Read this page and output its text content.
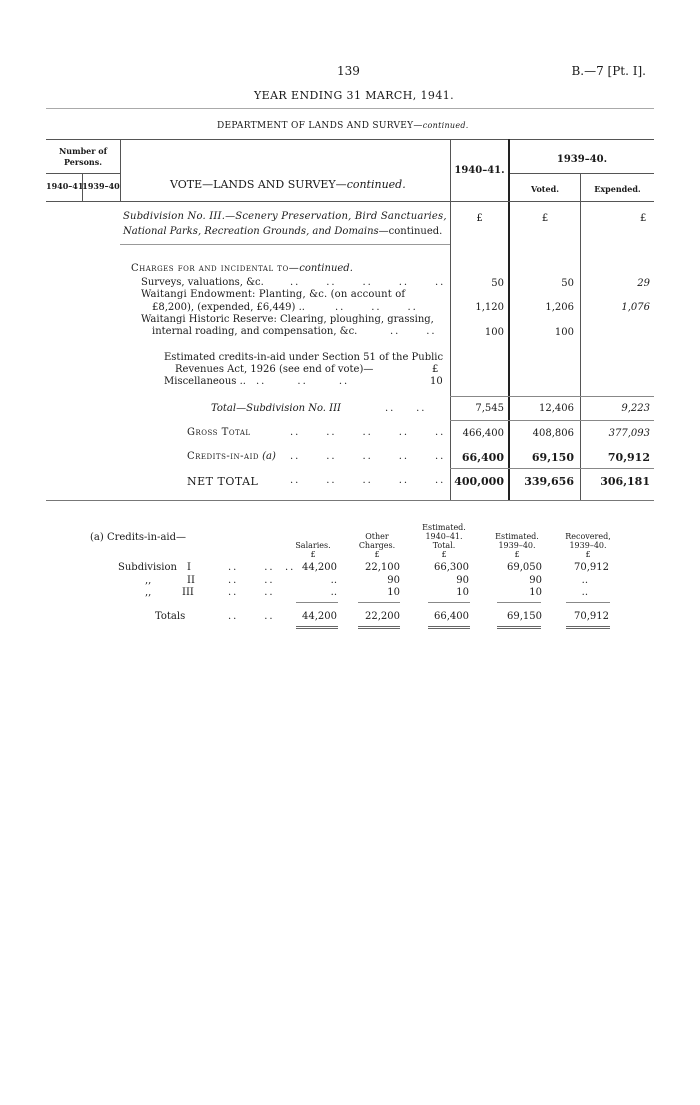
139	B.—7 [Pt. I].
YEAR ENDING 31 MARCH, 1941.
DEPARTMENT OF LANDS AND SURVEY—continued.
Number of Persons.
1940–41
1939–40	VOTE—LANDS AND SURVEY—continued.
1940–41.
1939–40.
Voted.	Expended.
Subdivision No. III.—Scenery Preservation, Bird Sanctuaries,
National Parks, Recreation Grounds, and Domains—continued.
£	£	£
Charges for and incidental to—continued.
Surveys, valuations, &c.	..     ..     ..     ..     ..	50	50	29
Waitangi Endowment: Planting, &c. (on account of
£8,200), (expended, £6,449) ..	..     ..     ..	1,120	1,206	1,076
Waitangi Historic Reserve: Clearing, ploughing, grassing,
internal roading, and compensation, &c.	..     ..	100	100
Estimated credits-in-aid under Section 51 of the Public
Revenues Act, 1926 (see end of vote)—	£
Miscellaneous .. ..      ..      ..	10
Total—Subdivision No. III	..    ..	7,545	12,406	9,223
Gross Total	..     ..     ..     ..     ..	466,400	408,806	377,093
Credits-in-aid (a) ..     ..     ..     ..     ..	66,400	69,150	70,912
NET TOTAL	..     ..     ..     ..     .. 400,000	339,656	306,181
(a) Credits-in-aid—
Salaries.
£
Other
Charges.
£
Estimated.
1940–41.
Total.
£
Estimated.
1939–40.
£
Recovered,
1939–40.
£
Subdivision I	..     ..  .. 44,200	22,100	66,300	69,050	70,912
,,	II	..     ..	..	90	90	90	..
,,	III	..     ..	..	10	10	10	..
Totals	..     ..	44,200	22,200	66,400	69,150	70,912
